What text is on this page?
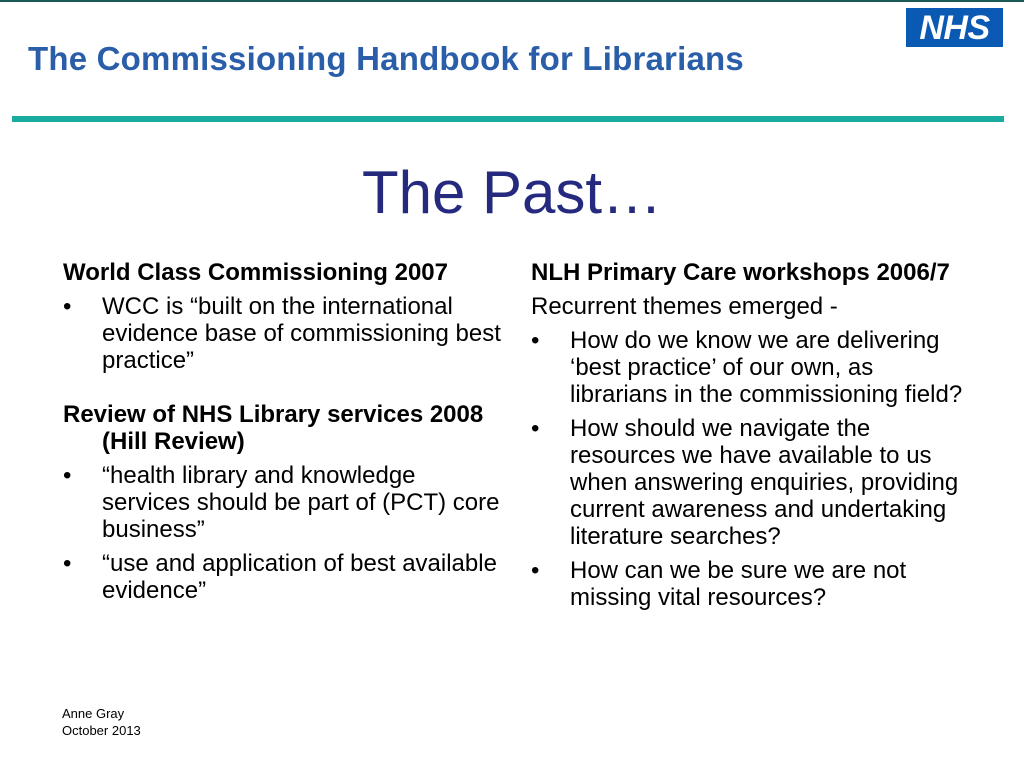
The Commissioning Handbook for Librarians
NHS
The Past…
World Class Commissioning 2007
• WCC is “built on the international evidence base of commissioning best practice”
Review of NHS Library services 2008 (Hill Review)
• “health library and knowledge services should be part of (PCT) core business”
• “use and application of best available evidence”
NLH Primary Care workshops 2006/7
Recurrent themes emerged -
• How do we know we are delivering ‘best practice’ of our own, as librarians in the commissioning field?
• How should we navigate the resources we have available to us when answering enquiries, providing current awareness and undertaking literature searches?
• How can we be sure we are not missing vital resources?
Anne Gray
October 2013
